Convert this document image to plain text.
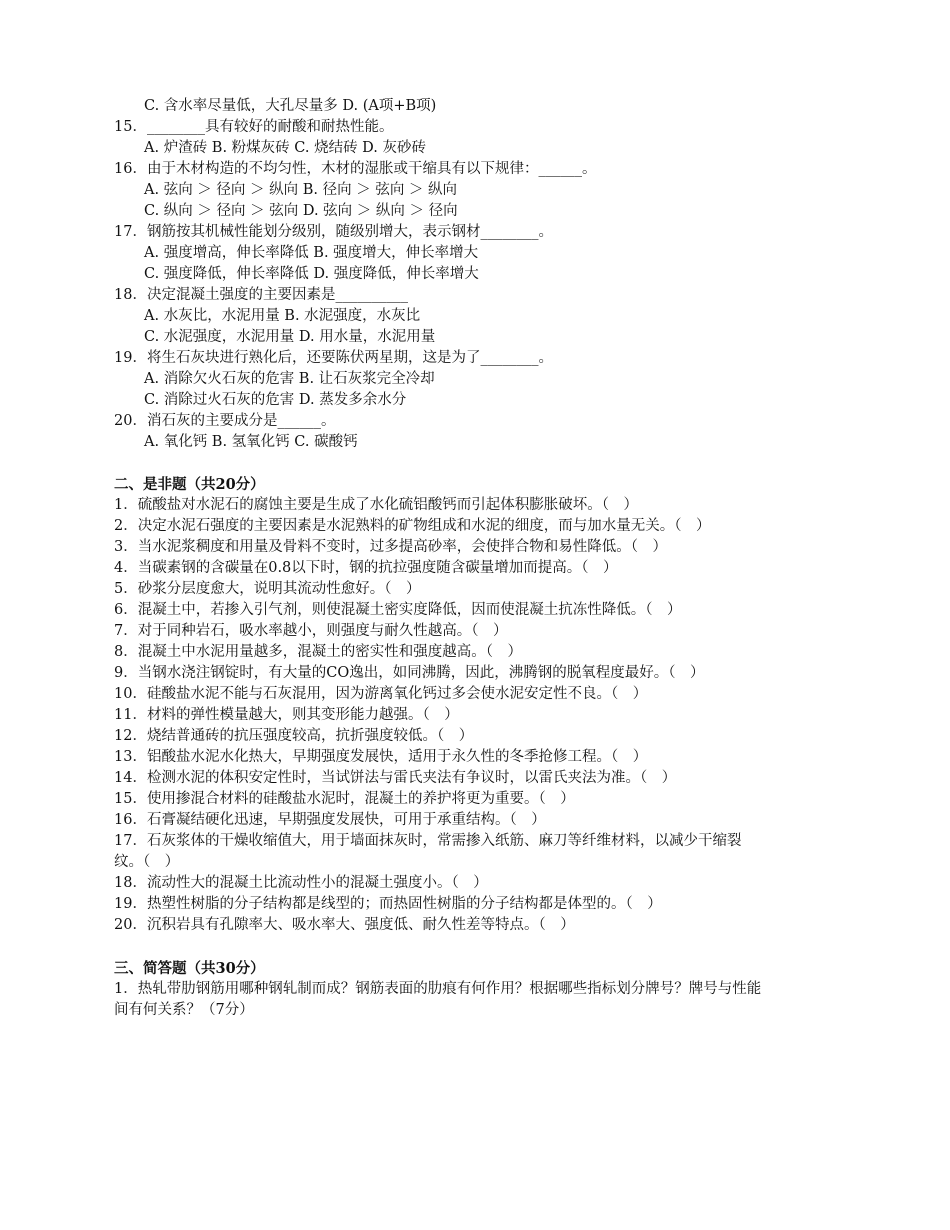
C. 含水率尽量低，大孔尽量多 D. (A项+B项)
15．________具有较好的耐酸和耐热性能。
A. 炉渣砖 B. 粉煤灰砖 C. 烧结砖 D. 灰砂砖
16．由于木材构造的不均匀性，木材的湿胀或干缩具有以下规律：______。
A. 弦向 ＞ 径向 ＞ 纵向 B. 径向 ＞ 弦向 ＞ 纵向
C. 纵向 ＞ 径向 ＞ 弦向 D. 弦向 ＞ 纵向 ＞ 径向
17．钢筋按其机械性能划分级别，随级别增大，表示钢材________。
A. 强度增高，伸长率降低 B. 强度增大，伸长率增大
C. 强度降低，伸长率降低 D. 强度降低，伸长率增大
18．决定混凝土强度的主要因素是__________
A. 水灰比，水泥用量 B. 水泥强度，水灰比
C. 水泥强度，水泥用量 D. 用水量，水泥用量
19．将生石灰块进行熟化后，还要陈伏两星期，这是为了________。
A. 消除欠火石灰的危害 B. 让石灰浆完全冷却
C. 消除过火石灰的危害 D. 蒸发多余水分
20．消石灰的主要成分是______。
A. 氧化钙 B. 氢氧化钙 C. 碳酸钙
二、是非题（共20分）
1．硫酸盐对水泥石的腐蚀主要是生成了水化硫铝酸钙而引起体积膨胀破坏。（　）
2．决定水泥石强度的主要因素是水泥熟料的矿物组成和水泥的细度，而与加水量无关。（　）
3．当水泥浆稠度和用量及骨料不变时，过多提高砂率，会使拌合物和易性降低。（　）
4．当碳素钢的含碳量在0.8以下时，钢的抗拉强度随含碳量增加而提高。（　）
5．砂浆分层度愈大，说明其流动性愈好。（　）
6．混凝土中，若掺入引气剂，则使混凝土密实度降低，因而使混凝土抗冻性降低。（　）
7．对于同种岩石，吸水率越小，则强度与耐久性越高。（　）
8．混凝土中水泥用量越多，混凝土的密实性和强度越高。（　）
9．当钢水浇注钢锭时，有大量的CO逸出，如同沸腾，因此，沸腾钢的脱氧程度最好。（　）
10．硅酸盐水泥不能与石灰混用，因为游离氧化钙过多会使水泥安定性不良。（　）
11．材料的弹性模量越大，则其变形能力越强。（　）
12．烧结普通砖的抗压强度较高，抗折强度较低。（　）
13．铝酸盐水泥水化热大，早期强度发展快，适用于永久性的冬季抢修工程。（　）
14．检测水泥的体积安定性时，当试饼法与雷氏夹法有争议时，以雷氏夹法为准。（　）
15．使用掺混合材料的硅酸盐水泥时，混凝土的养护将更为重要。（　）
16．石膏凝结硬化迅速，早期强度发展快，可用于承重结构。（　）
17．石灰浆体的干燥收缩值大，用于墙面抹灰时，常需掺入纸筋、麻刀等纤维材料，以减少干缩裂
纹。（　）
18．流动性大的混凝土比流动性小的混凝土强度小。（　）
19．热塑性树脂的分子结构都是线型的；而热固性树脂的分子结构都是体型的。（　）
20．沉积岩具有孔隙率大、吸水率大、强度低、耐久性差等特点。（　）
三、简答题（共30分）
1．热轧带肋钢筋用哪种钢轧制而成？钢筋表面的肋痕有何作用？根据哪些指标划分牌号？牌号与性能
间有何关系？（7分）
